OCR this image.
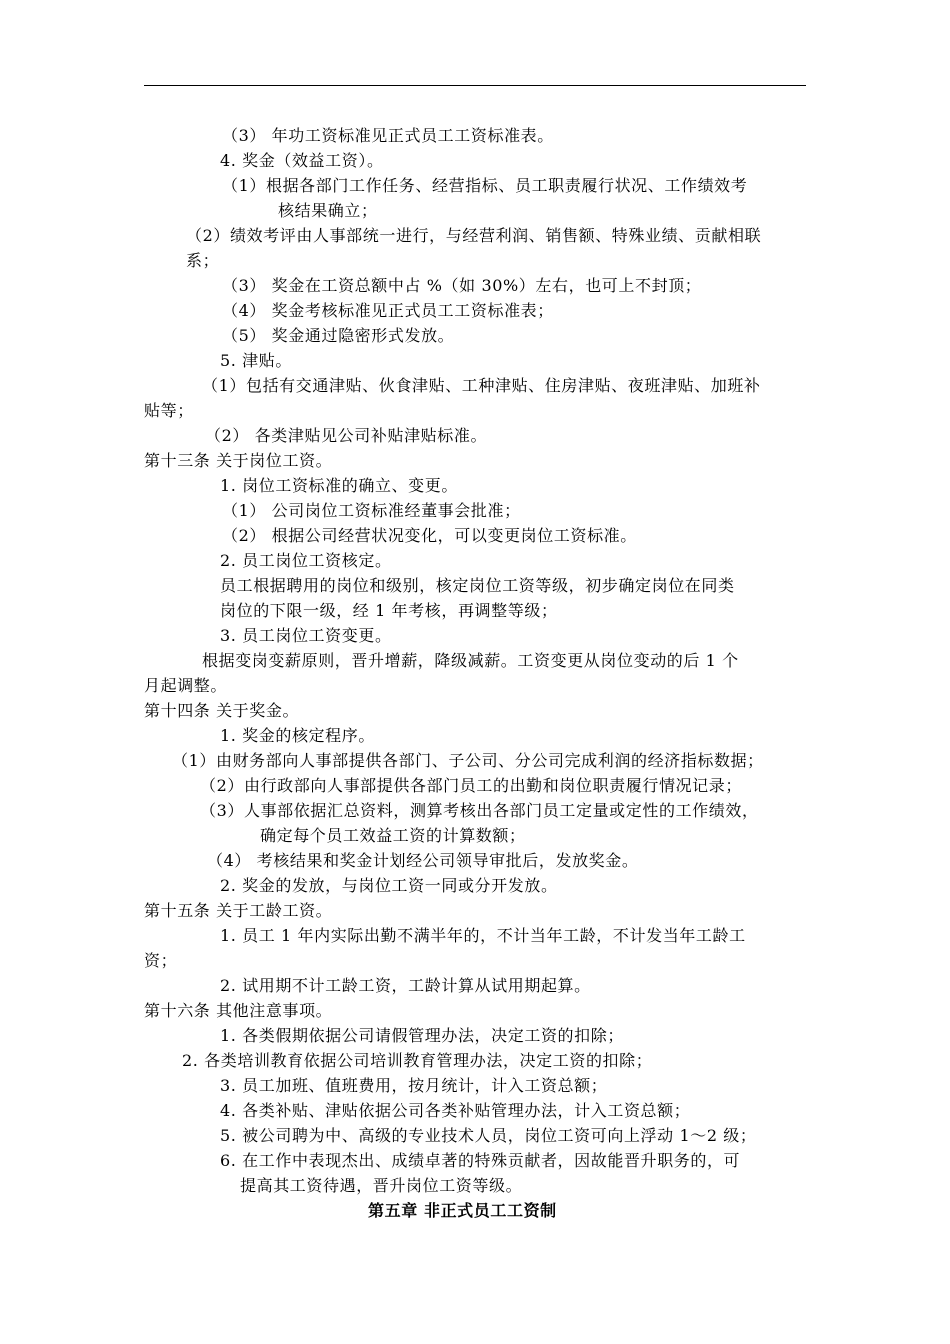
（3） 年功工资标准见正式员工工资标准表。
4. 奖金（效益工资）。
（1）根据各部门工作任务、经营指标、员工职责履行状况、工作绩效考
核结果确立；
（2）绩效考评由人事部统一进行，与经营利润、销售额、特殊业绩、贡献相联
系；
（3） 奖金在工资总额中占 %（如 30%）左右，也可上不封顶；
（4） 奖金考核标准见正式员工工资标准表；
（5） 奖金通过隐密形式发放。
5. 津贴。
（1）包括有交通津贴、伙食津贴、工种津贴、住房津贴、夜班津贴、加班补
贴等；
（2） 各类津贴见公司补贴津贴标准。
第十三条 关于岗位工资。
1. 岗位工资标准的确立、变更。
（1） 公司岗位工资标准经董事会批准；
（2） 根据公司经营状况变化，可以变更岗位工资标准。
2. 员工岗位工资核定。
员工根据聘用的岗位和级别，核定岗位工资等级，初步确定岗位在同类
岗位的下限一级，经 1 年考核，再调整等级；
3. 员工岗位工资变更。
根据变岗变薪原则，晋升增薪，降级减薪。工资变更从岗位变动的后 1 个
月起调整。
第十四条 关于奖金。
1. 奖金的核定程序。
（1）由财务部向人事部提供各部门、子公司、分公司完成利润的经济指标数据；
（2）由行政部向人事部提供各部门员工的出勤和岗位职责履行情况记录；
（3）人事部依据汇总资料，测算考核出各部门员工定量或定性的工作绩效，
确定每个员工效益工资的计算数额；
（4） 考核结果和奖金计划经公司领导审批后，发放奖金。
2. 奖金的发放，与岗位工资一同或分开发放。
第十五条 关于工龄工资。
1. 员工 1 年内实际出勤不满半年的，不计当年工龄，不计发当年工龄工
资；
2. 试用期不计工龄工资，工龄计算从试用期起算。
第十六条 其他注意事项。
1. 各类假期依据公司请假管理办法，决定工资的扣除；
2. 各类培训教育依据公司培训教育管理办法，决定工资的扣除；
3. 员工加班、值班费用，按月统计，计入工资总额；
4. 各类补贴、津贴依据公司各类补贴管理办法，计入工资总额；
5. 被公司聘为中、高级的专业技术人员，岗位工资可向上浮动 1～2 级；
6. 在工作中表现杰出、成绩卓著的特殊贡献者，因故能晋升职务的，可
提高其工资待遇，晋升岗位工资等级。
第五章 非正式员工工资制
